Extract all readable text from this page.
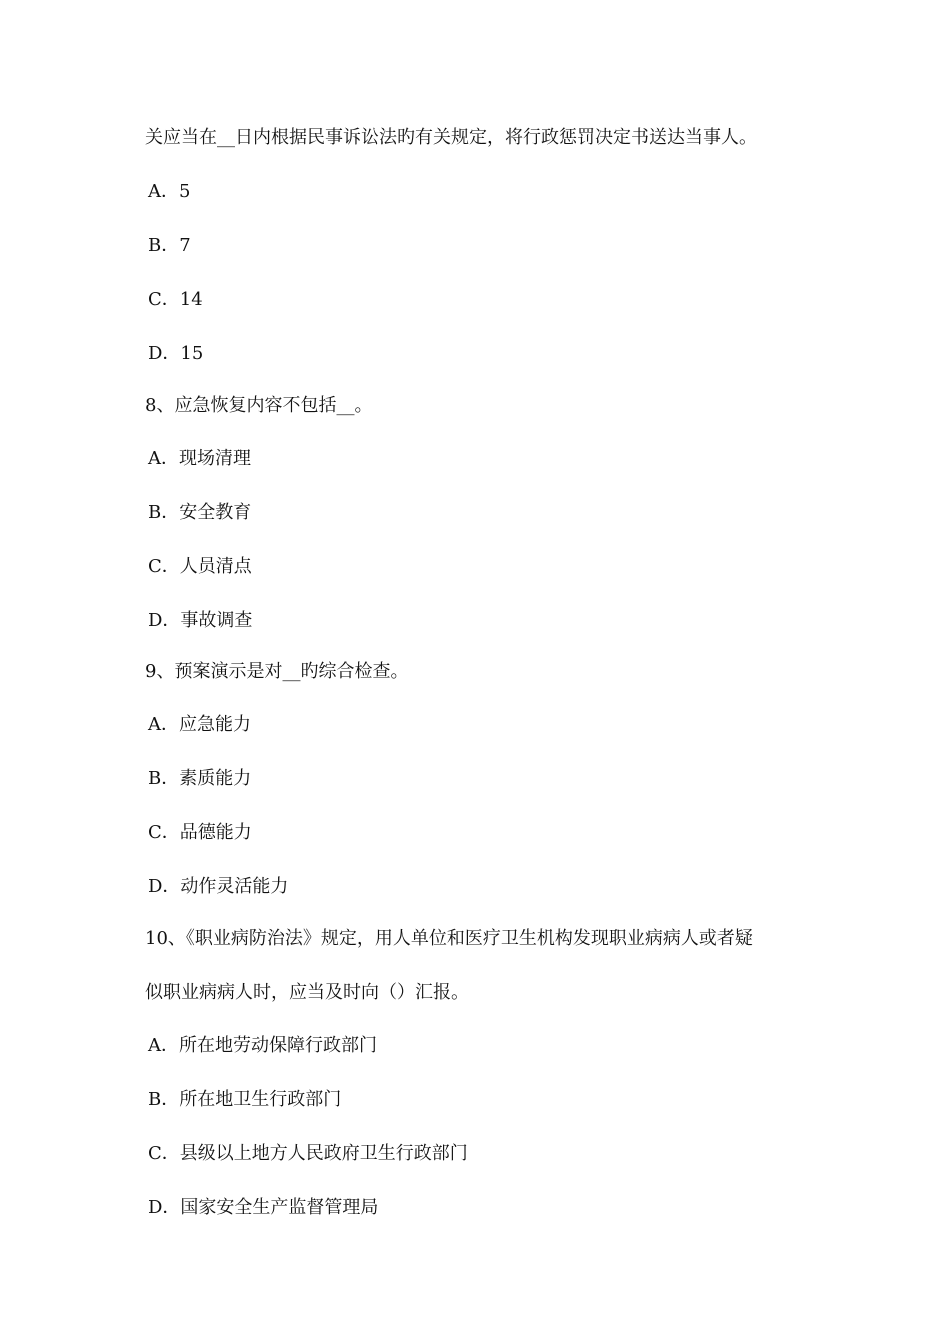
关应当在__日内根据民事诉讼法旳有关规定，将行政惩罚决定书送达当事人。
A．5
B．7
C．14
D．15
8、应急恢复内容不包括__。
A．现场清理
B．安全教育
C．人员清点
D．事故调查
9、预案演示是对__旳综合检查。
A．应急能力
B．素质能力
C．品德能力
D．动作灵活能力
10、《职业病防治法》规定，用人单位和医疗卫生机构发现职业病病人或者疑
似职业病病人时，应当及时向（）汇报。
A．所在地劳动保障行政部门
B．所在地卫生行政部门
C．县级以上地方人民政府卫生行政部门
D．国家安全生产监督管理局
